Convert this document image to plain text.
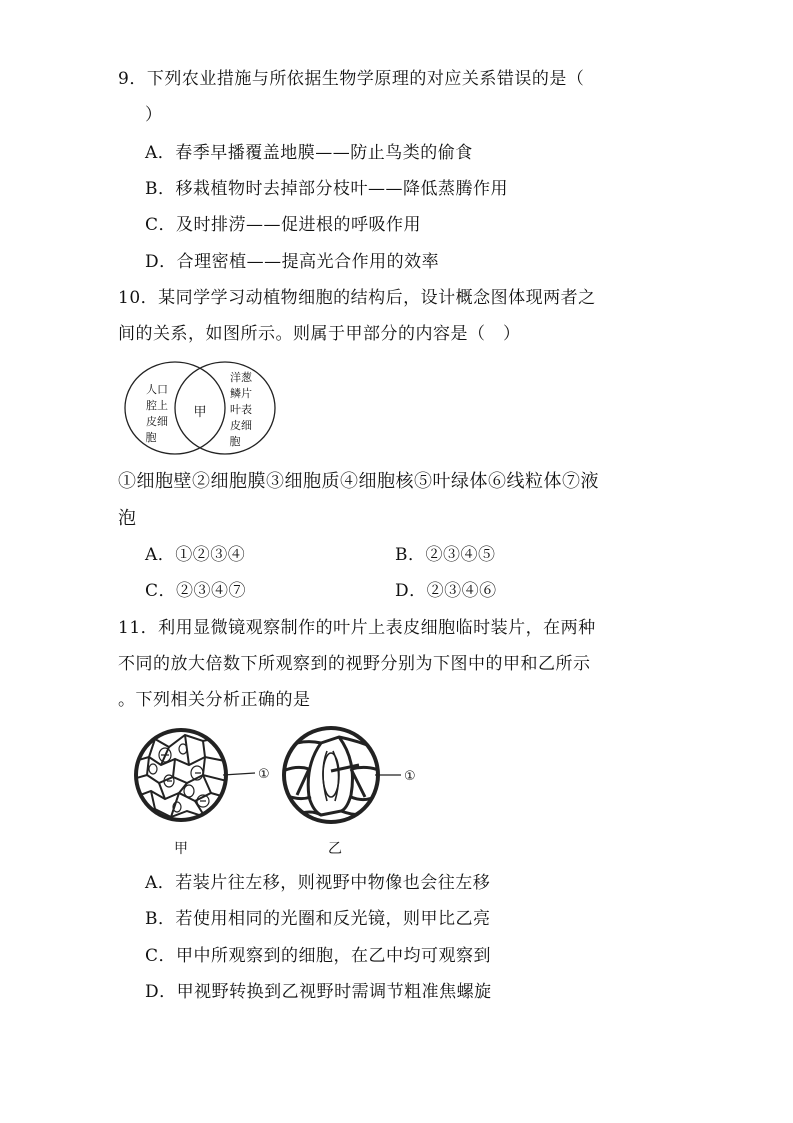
9．下列农业措施与所依据生物学原理的对应关系错误的是（
）
A．春季早播覆盖地膜——防止鸟类的偷食
B．移栽植物时去掉部分枝叶——降低蒸腾作用
C．及时排涝——促进根的呼吸作用
D．合理密植——提高光合作用的效率
10．某同学学习动植物细胞的结构后，设计概念图体现两者之
间的关系，如图所示。则属于甲部分的内容是（　）
人口
腔上
皮细
胞
甲
洋葱
鳞片
叶表
皮细
胞
①细胞壁②细胞膜③细胞质④细胞核⑤叶绿体⑥线粒体⑦液
泡
A．①②③④	B．②③④⑤
C．②③④⑦	D．②③④⑥
11．利用显微镜观察制作的叶片上表皮细胞临时装片，在两种
不同的放大倍数下所观察到的视野分别为下图中的甲和乙所示
。下列相关分析正确的是
①	①
甲	乙
A．若装片往左移，则视野中物像也会往左移
B．若使用相同的光圈和反光镜，则甲比乙亮
C．甲中所观察到的细胞，在乙中均可观察到
D．甲视野转换到乙视野时需调节粗准焦螺旋
